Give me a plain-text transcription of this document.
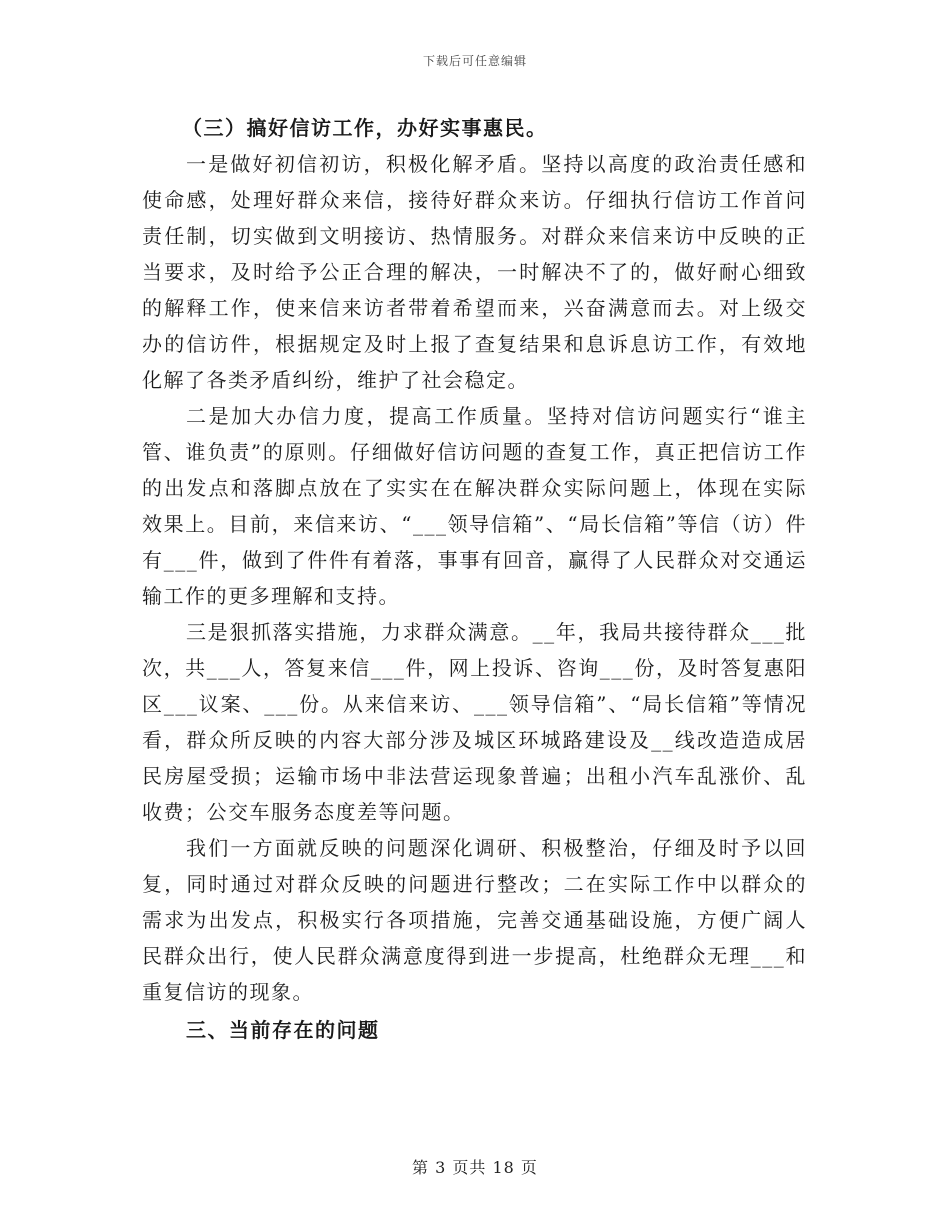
下载后可任意编辑
（三）搞好信访工作，办好实事惠民。

一是做好初信初访，积极化解矛盾。坚持以高度的政治责任感和使命感，处理好群众来信，接待好群众来访。仔细执行信访工作首问责任制，切实做到文明接访、热情服务。对群众来信来访中反映的正当要求，及时给予公正合理的解决，一时解决不了的，做好耐心细致的解释工作，使来信来访者带着希望而来，兴奋满意而去。对上级交办的信访件，根据规定及时上报了查复结果和息诉息访工作，有效地化解了各类矛盾纠纷，维护了社会稳定。

二是加大办信力度，提高工作质量。坚持对信访问题实行“谁主管、谁负责”的原则。仔细做好信访问题的查复工作，真正把信访工作的出发点和落脚点放在了实实在在解决群众实际问题上，体现在实际效果上。目前，来信来访、“___领导信箱”、“局长信箱”等信（访）件有___件，做到了件件有着落，事事有回音，赢得了人民群众对交通运输工作的更多理解和支持。

三是狠抓落实措施，力求群众满意。__年，我局共接待群众___批次，共___人，答复来信___件，网上投诉、咨询___份，及时答复惠阳区___议案、___份。从来信来访、___领导信箱”、“局长信箱”等情况看，群众所反映的内容大部分涉及城区环城路建设及__线改造造成居民房屋受损；运输市场中非法营运现象普遍；出租小汽车乱涨价、乱收费；公交车服务态度差等问题。

我们一方面就反映的问题深化调研、积极整治，仔细及时予以回复，同时通过对群众反映的问题进行整改；二在实际工作中以群众的需求为出发点，积极实行各项措施，完善交通基础设施，方便广阔人民群众出行，使人民群众满意度得到进一步提高，杜绝群众无理___和重复信访的现象。

三、当前存在的问题
第 3 页共 18 页
